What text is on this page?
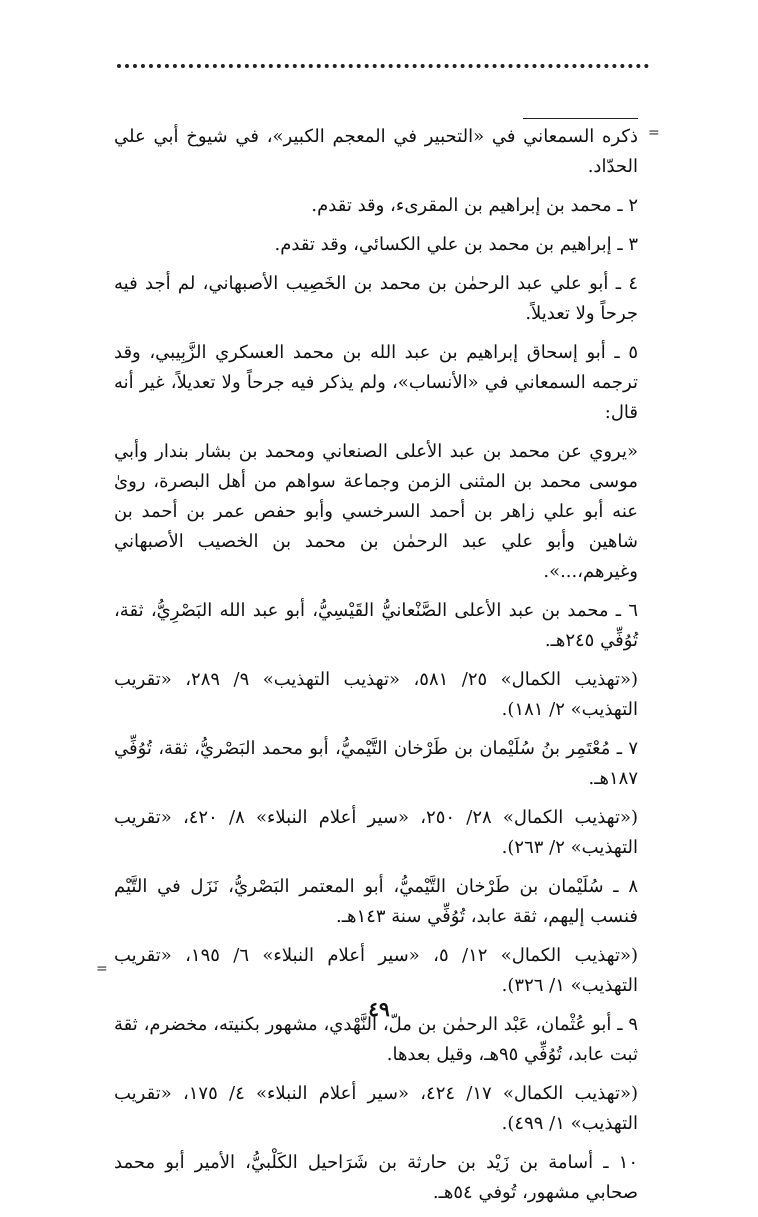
=
=

ذكره السمعاني في «التحبير في المعجم الكبير»، في شيوخ أبي علي الحدّاد.

٢ ـ محمد بن إبراهيم بن المقرىء، وقد تقدم.

٣ ـ إبراهيم بن محمد بن علي الكسائي، وقد تقدم.

٤ ـ أبو علي عبد الرحمٰن بن محمد بن الخَصِيب الأصبهاني، لم أجد فيه جرحاً ولا تعديلاً.

٥ ـ أبو إسحاق إبراهيم بن عبد الله بن محمد العسكري الزَّبِيبي، وقد ترجمه السمعاني في «الأنساب»، ولم يذكر فيه جرحاً ولا تعديلاً، غير أنه قال:

«يروي عن محمد بن عبد الأعلى الصنعاني ومحمد بن بشار بندار وأبي موسى محمد بن المثنى الزمن وجماعة سواهم من أهل البصرة، روىٰ عنه أبو علي زاهر بن أحمد السرخسي وأبو حفص عمر بن أحمد بن شاهين وأبو علي عبد الرحمٰن بن محمد بن الخصيب الأصبهاني وغيرهم،...».

٦ ـ محمد بن عبد الأعلى الصَّنْعانيُّ القَيْسِيُّ، أبو عبد الله البَصْرِيُّ، ثقة، تُوُفِّي ٢٤٥هـ.

(«تهذيب الكمال» ٢٥/ ٥٨١، «تهذيب التهذيب» ٩/ ٢٨٩، «تقريب التهذيب» ٢/ ١٨١).

٧ ـ مُعْتَمِر بنُ سُلَيْمان بن طَرْخان التَّيْميُّ، أبو محمد البَصْريُّ، ثقة، تُوُفِّي ١٨٧هـ.

(«تهذيب الكمال» ٢٨/ ٢٥٠، «سير أعلام النبلاء» ٨/ ٤٢٠، «تقريب التهذيب» ٢/ ٢٦٣).

٨ ـ سُلَيْمان بن طَرْخان التَّيْميُّ، أبو المعتمر البَصْريُّ، نَزَل في التَّيْم فنسب إليهم، ثقة عابد، تُوُفِّي سنة ١٤٣هـ.

(«تهذيب الكمال» ١٢/ ٥، «سير أعلام النبلاء» ٦/ ١٩٥، «تقريب التهذيب» ١/ ٣٢٦).

٩ ـ أبو عُثْمان، عَبْد الرحمٰن بن ملّ، النَّهْدي، مشهور بكنيته، مخضرم، ثقة ثبت عابد، تُوُفِّي ٩٥هـ، وقيل بعدها.

(«تهذيب الكمال» ١٧/ ٤٢٤، «سير أعلام النبلاء» ٤/ ١٧٥، «تقريب التهذيب» ١/ ٤٩٩).

١٠ ـ أسامة بن زَيْد بن حارثة بن شَرَاحيل الكَلْبيُّ، الأمير أبو محمد صحابي مشهور، تُوفي ٥٤هـ.

٤٩
